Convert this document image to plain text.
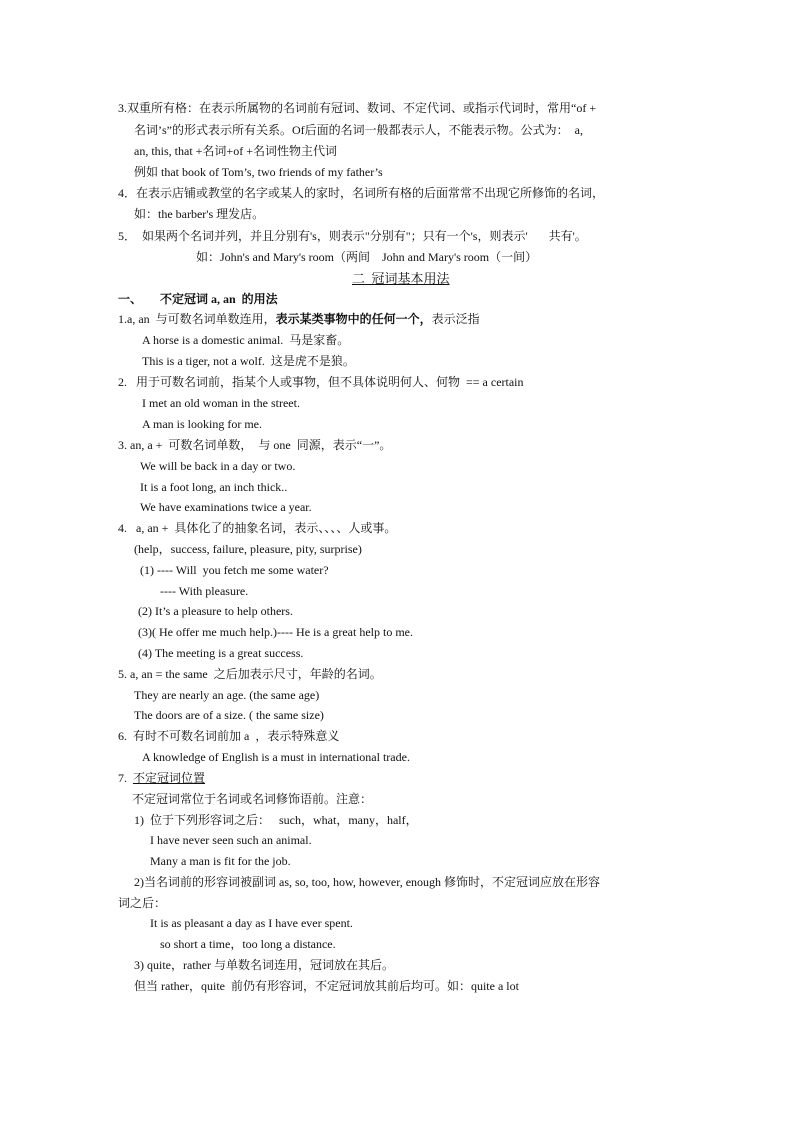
3.双重所有格：在表示所属物的名词前有冠词、数词、不定代词、或指示代词时，常用“of +
名词’s”的形式表示所有关系。Of后面的名词一般都表示人，不能表示物。公式为：  a,
an, this, that +名词+of +名词性物主代词
例如 that book of Tom’s, two friends of my father’s
4．在表示店铺或教堂的名字或某人的家时，名词所有格的后面常常不出现它所修饰的名词，
如：the barber's 理发店。
5．  如果两个名词并列，并且分别有's，则表示"分别有"；只有一个's，则表示'       共有'。
如：John's and Mary's room（两间    John and Mary's room（一间）
二  冠词基本用法
一、      不定冠词 a, an  的用法
1.a, an  与可数名词单数连用，表示某类事物中的任何一个，表示泛指
A horse is a domestic animal.  马是家畜。
This is a tiger, not a wolf.  这是虎不是狼。
2.   用于可数名词前，指某个人或事物，但不具体说明何人、何物  == a certain
I met an old woman in the street.
A man is looking for me.
3. an, a +  可数名词单数，  与 one  同源，表示“一”。
We will be back in a day or two.
It is a foot long, an inch thick..
We have examinations twice a year.
4.   a, an +  具体化了的抽象名词，表示、、、、人或事。
(help，success, failure, pleasure, pity, surprise)
(1) ---- Will  you fetch me some water?
---- With pleasure.
(2) It’s a pleasure to help others.
(3)( He offer me much help.)---- He is a great help to me.
(4) The meeting is a great success.
5. a, an = the same  之后加表示尺寸，年龄的名词。
They are nearly an age. (the same age)
The doors are of a size. ( the same size)
6.  有时不可数名词前加 a  ，表示特殊意义
A knowledge of English is a must in international trade.
7.  不定冠词位置
不定冠词常位于名词或名词修饰语前。注意：
1)  位于下列形容词之后：   such，what，many，half，
I have never seen such an animal.
Many a man is fit for the job.
2)当名词前的形容词被副词 as, so, too, how, however, enough 修饰时，不定冠词应放在形容
词之后：
It is as pleasant a day as I have ever spent.
so short a time，too long a distance.
3) quite，rather 与单数名词连用，冠词放在其后。
但当 rather，quite  前仍有形容词，不定冠词放其前后均可。如：quite a lot
